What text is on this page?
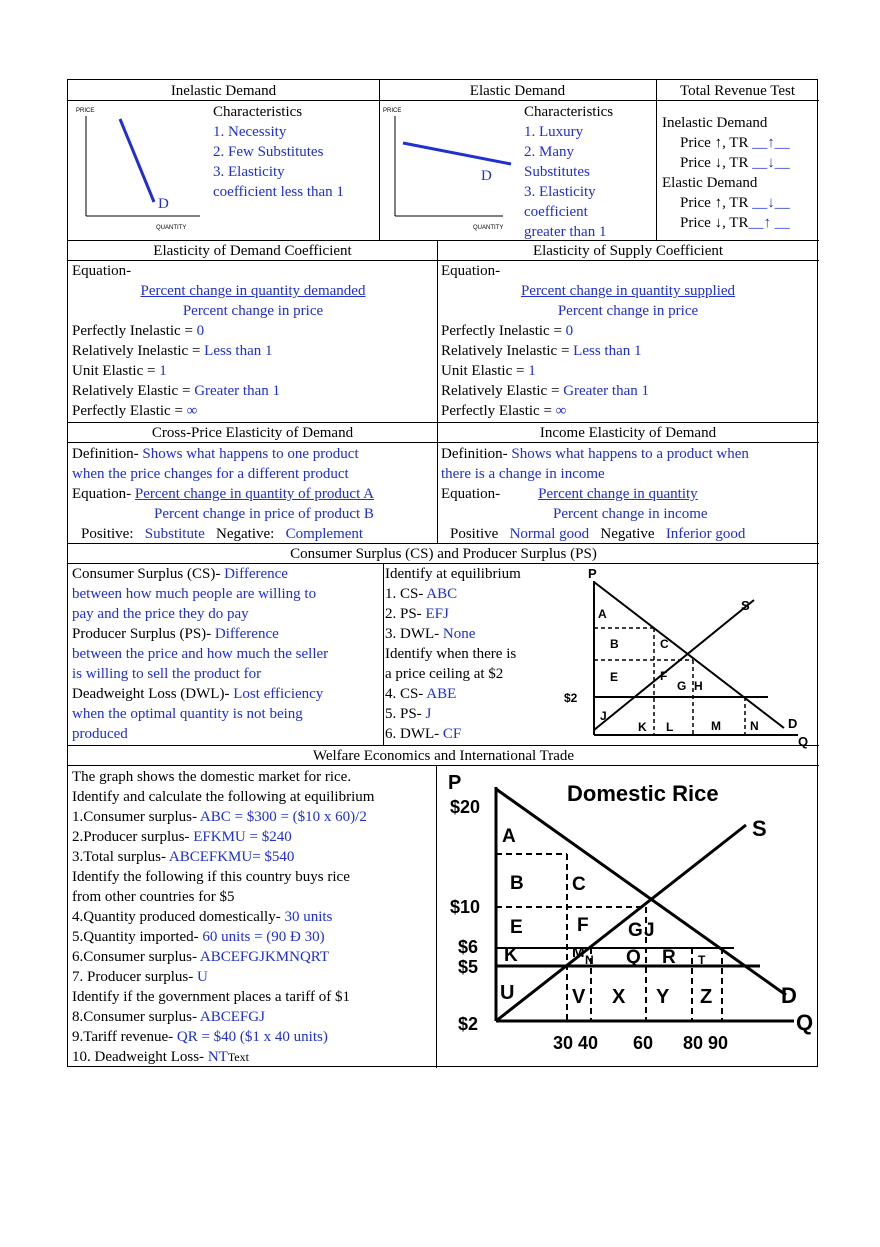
Inelastic Demand
PRICE
D
QUANTITY
Characteristics
1. Necessity
2. Few Substitutes
3. Elasticity
coefficient less than 1
Elastic Demand
PRICE
D
QUANTITY
Characteristics
1. Luxury
2. Many
Substitutes
3. Elasticity
coefficient
greater than 1
Total Revenue Test
Inelastic Demand
Price ↑, TR __↑__
Price ↓, TR __↓__
Elastic Demand
Price ↑, TR __↓__
Price ↓, TR__↑ __
Elasticity of Demand Coefficient
Equation-
Percent change in quantity demanded
Percent change in price
Perfectly Inelastic = 0
Relatively Inelastic = Less than 1
Unit Elastic = 1
Relatively Elastic = Greater than 1
Perfectly Elastic = ∞
Elasticity of Supply Coefficient
Equation-
Percent change in quantity supplied
Percent change in price
Perfectly Inelastic = 0
Relatively Inelastic = Less than 1
Unit Elastic = 1
Relatively Elastic = Greater than 1
Perfectly Elastic = ∞
Cross-Price Elasticity of Demand
Definition- Shows what happens to one product
when the price changes for a different product
Equation- Percent change in quantity of product A
Percent change in price of product B
Positive: Substitute Negative: Complement
Income Elasticity of Demand
Definition- Shows what happens to a product when
there is a change in income
Equation-	Percent change in quantity
Percent change in income
Positive Normal good Negative Inferior good
Consumer Surplus (CS) and Producer Surplus (PS)
Consumer Surplus (CS)- Difference
between how much people are willing to
pay and the price they do pay
Producer Surplus (PS)- Difference
between the price and how much the seller
is willing to sell the product for
Deadweight Loss (DWL)- Lost efficiency
when the optimal quantity is not being
produced
Identify at equilibrium
1. CS- ABC
2. PS- EFJ
3. DWL- None
Identify when there is
a price ceiling at $2
4. CS- ABE
5. PS- J
6. DWL- CF
P
S
D
Q
$2
A
B	C
E	F
G H
J
K L	M N
Welfare Economics and International Trade
The graph shows the domestic market for rice.
Identify and calculate the following at equilibrium
1.Consumer surplus- ABC = $300 = ($10 x 60)/2
2.Producer surplus- EFKMU = $240
3.Total surplus- ABCEFKMU= $540
Identify the following if this country buys rice
from other countries for $5
4.Quantity produced domestically- 30 units
5.Quantity imported- 60 units = (90 Ð 30)
6.Consumer surplus- ABCEFGJKMNQRT
7. Producer surplus- U
Identify if the government places a tariff of $1
8.Consumer surplus- ABCEFGJ
9.Tariff revenue- QR = $40 ($1 x 40 units)
10. Deadweight Loss- NTText
P	Domestic Rice
$20
$10
$6
$5
$2
30 40 60 80 90
S
D
Q
A
B	C
E	F G J
K	M N Q R T
U	V X Y Z
